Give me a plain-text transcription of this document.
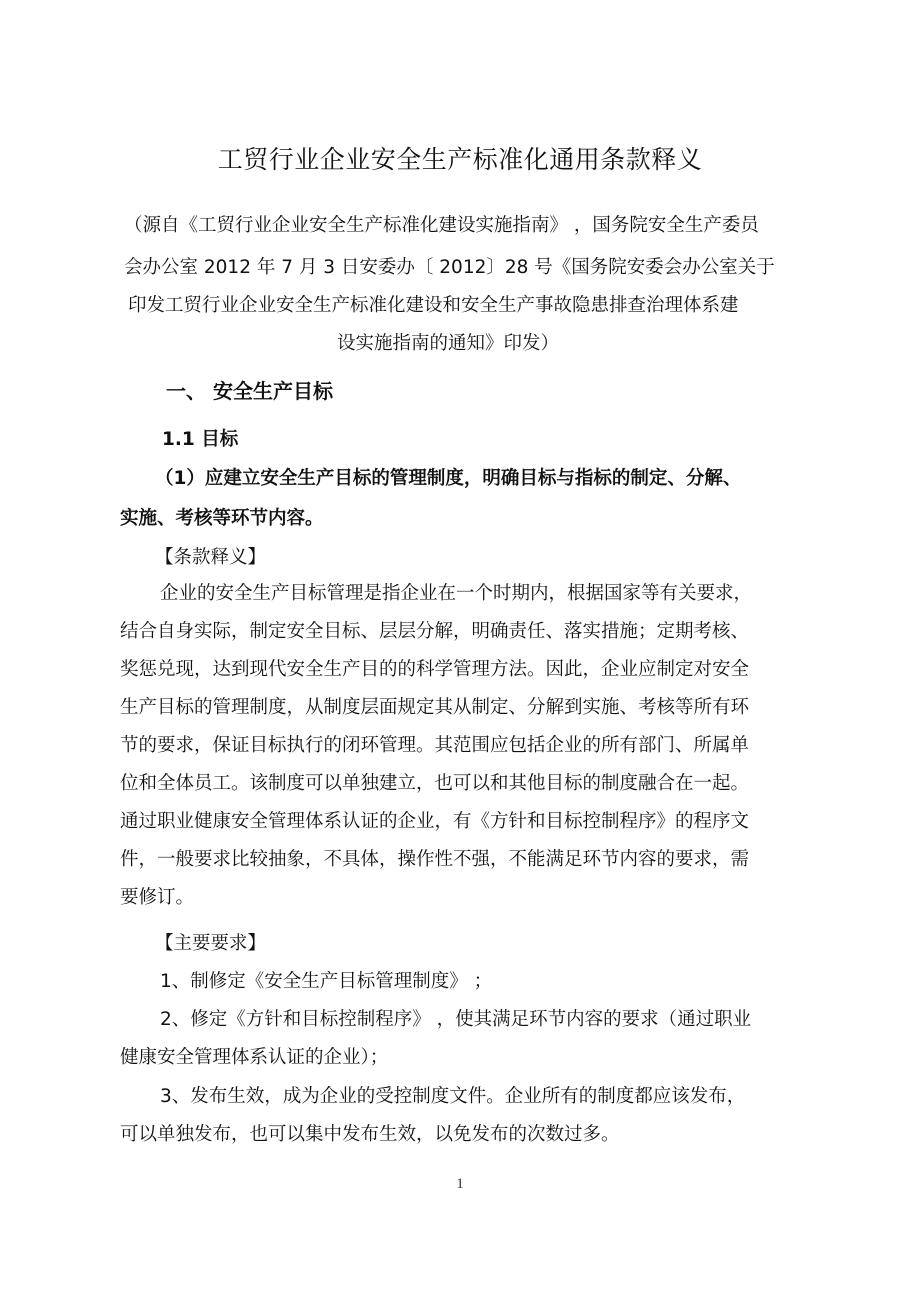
工贸行业企业安全生产标准化通用条款释义
（源自《工贸行业企业安全生产标准化建设实施指南》 ，国务院安全生产委员
会办公室 2012 年 7 月 3 日安委办〔 2012〕28 号《国务院安委会办公室关于
印发工贸行业企业安全生产标准化建设和安全生产事故隐患排查治理体系建
设实施指南的通知》印发）
一、 安全生产目标
1.1 目标
（1）应建立安全生产目标的管理制度，明确目标与指标的制定、分解、
实施、考核等环节内容。
【条款释义】
企业的安全生产目标管理是指企业在一个时期内，根据国家等有关要求，
结合自身实际，制定安全目标、层层分解，明确责任、落实措施；定期考核、
奖惩兑现，达到现代安全生产目的的科学管理方法。因此，企业应制定对安全
生产目标的管理制度，从制度层面规定其从制定、分解到实施、考核等所有环
节的要求，保证目标执行的闭环管理。其范围应包括企业的所有部门、所属单
位和全体员工。该制度可以单独建立，也可以和其他目标的制度融合在一起。
通过职业健康安全管理体系认证的企业，有《方针和目标控制程序》的程序文
件，一般要求比较抽象，不具体，操作性不强，不能满足环节内容的要求，需
要修订。
【主要要求】
1、制修定《安全生产目标管理制度》 ；
2、修定《方针和目标控制程序》 ，使其满足环节内容的要求（通过职业
健康安全管理体系认证的企业）；
3、发布生效，成为企业的受控制度文件。企业所有的制度都应该发布，
可以单独发布，也可以集中发布生效，以免发布的次数过多。
1
